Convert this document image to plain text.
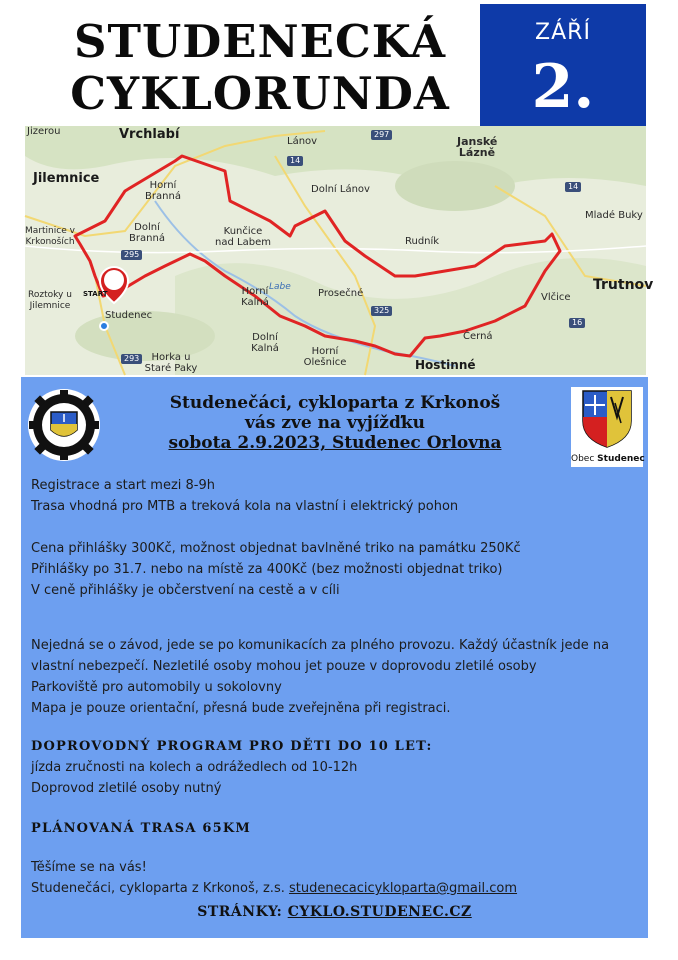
STUDENECKÁ
CYKLORUNDA
ZÁŘÍ
2.
START
Jizerou	Vrchlabí	Lánov	Janské Lázně
Jilemnice	Horní Branná
Dolní Lánov
Mladé Buky
Martinice v Krkonoších
Dolní Branná
Kunčice nad Labem	Rudník
Roztoky u Jilemnice
Trutnov
Horní Kalná
Prosečné	Vlčice
Studenec
Labe
Černá
Dolní Kalná	Horní Olešnice
Horka u Staré Paky	Hostinné
297
14
295
325
16
14
293
Studenečáci, cykloparta z Krkonoš
vás zve na vyjížďku
sobota 2.9.2023, Studenec Orlovna
Obec Studenec
Registrace a start mezi 8-9h
Trasa vhodná pro MTB a treková kola na vlastní i elektrický pohon
Cena přihlášky 300Kč, možnost objednat bavlněné triko na památku 250Kč
Přihlášky po 31.7. nebo na místě za 400Kč (bez možnosti objednat triko)
V ceně přihlášky je občerstvení na cestě a v cíli
Nejedná se o závod, jede se po komunikacích za plného provozu. Každý účastník jede na
vlastní nebezpečí. Nezletilé osoby mohou jet pouze v doprovodu zletilé osoby
Parkoviště pro automobily u sokolovny
Mapa je pouze orientační, přesná bude zveřejněna při registraci.
DOPROVODNÝ PROGRAM PRO DĚTI DO 10 LET:
jízda zručnosti na kolech a odrážedlech od 10-12h
Doprovod zletilé osoby nutný
PLÁNOVANÁ TRASA 65KM
Těšíme se na vás!
Studenečáci, cykloparta z Krkonoš, z.s. studenecacicykloparta@gmail.com
STRÁNKY: CYKLO.STUDENEC.CZ
